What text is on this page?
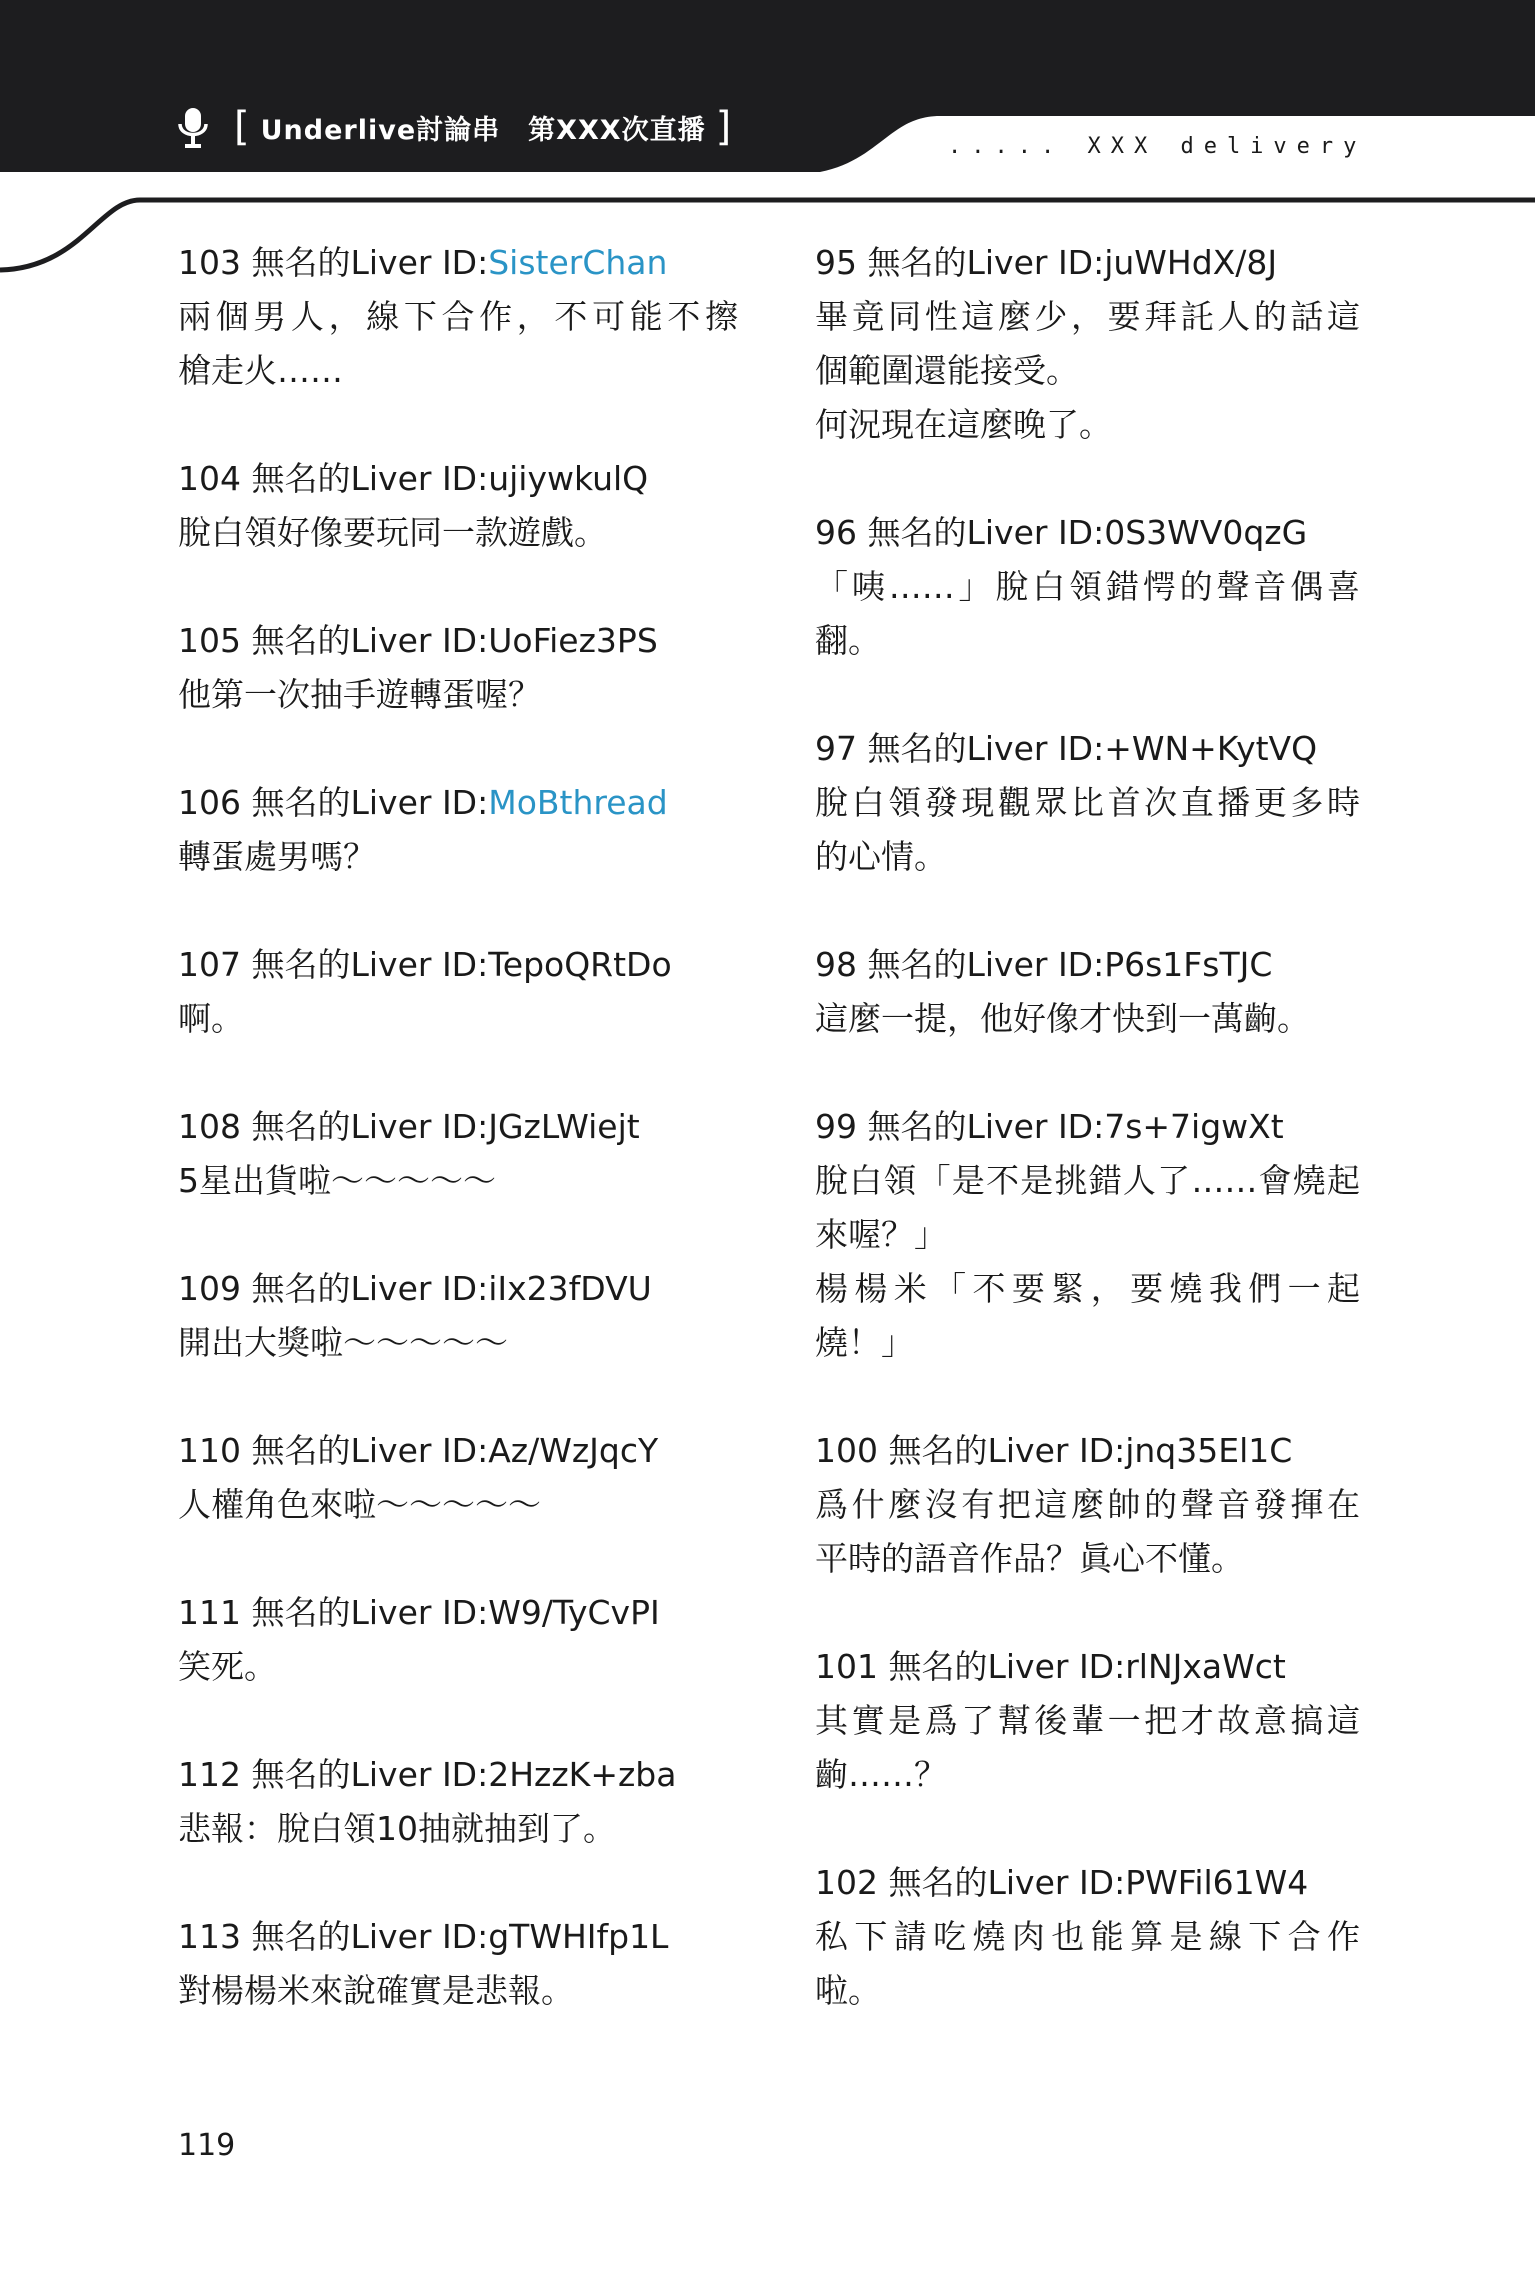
[ Underlive討論串 第XXX次直播 ]	..... XXX delivery
103 無名的Liver ID:SisterChan
兩個男人，線下合作，不可能不擦
槍走火……
104 無名的Liver ID:ujiywkulQ
脫白領好像要玩同一款遊戲。
105 無名的Liver ID:UoFiez3PS
他第一次抽手遊轉蛋喔？
106 無名的Liver ID:MoBthread
轉蛋處男嗎？
107 無名的Liver ID:TepoQRtDo
啊。
108 無名的Liver ID:JGzLWiejt
5星出貨啦〜〜〜〜〜
109 無名的Liver ID:iIx23fDVU
開出大獎啦〜〜〜〜〜
110 無名的Liver ID:Az/WzJqcY
人權角色來啦〜〜〜〜〜
111 無名的Liver ID:W9/TyCvPI
笑死。
112 無名的Liver ID:2HzzK+zba
悲報：脫白領10抽就抽到了。
113 無名的Liver ID:gTWHIfp1L
對楊楊米來說確實是悲報。
95 無名的Liver ID:juWHdX/8J
畢竟同性這麼少，要拜託人的話這
個範圍還能接受。
何況現在這麼晚了。
96 無名的Liver ID:0S3WV0qzG
「咦……」脫白領錯愕的聲音偶喜
翻。
97 無名的Liver ID:+WN+KytVQ
脫白領發現觀眾比首次直播更多時
的心情。
98 無名的Liver ID:P6s1FsTJC
這麼一提，他好像才快到一萬齣。
99 無名的Liver ID:7s+7igwXt
脫白領「是不是挑錯人了……會燒起
來喔？」
楊楊米「不要緊，要燒我們一起
燒！」
100 無名的Liver ID:jnq35El1C
爲什麼沒有把這麼帥的聲音發揮在
平時的語音作品？眞心不懂。
101 無名的Liver ID:rlNJxaWct
其實是爲了幫後輩一把才故意搞這
齣……？
102 無名的Liver ID:PWFil61W4
私下請吃燒肉也能算是線下合作
啦。
119
